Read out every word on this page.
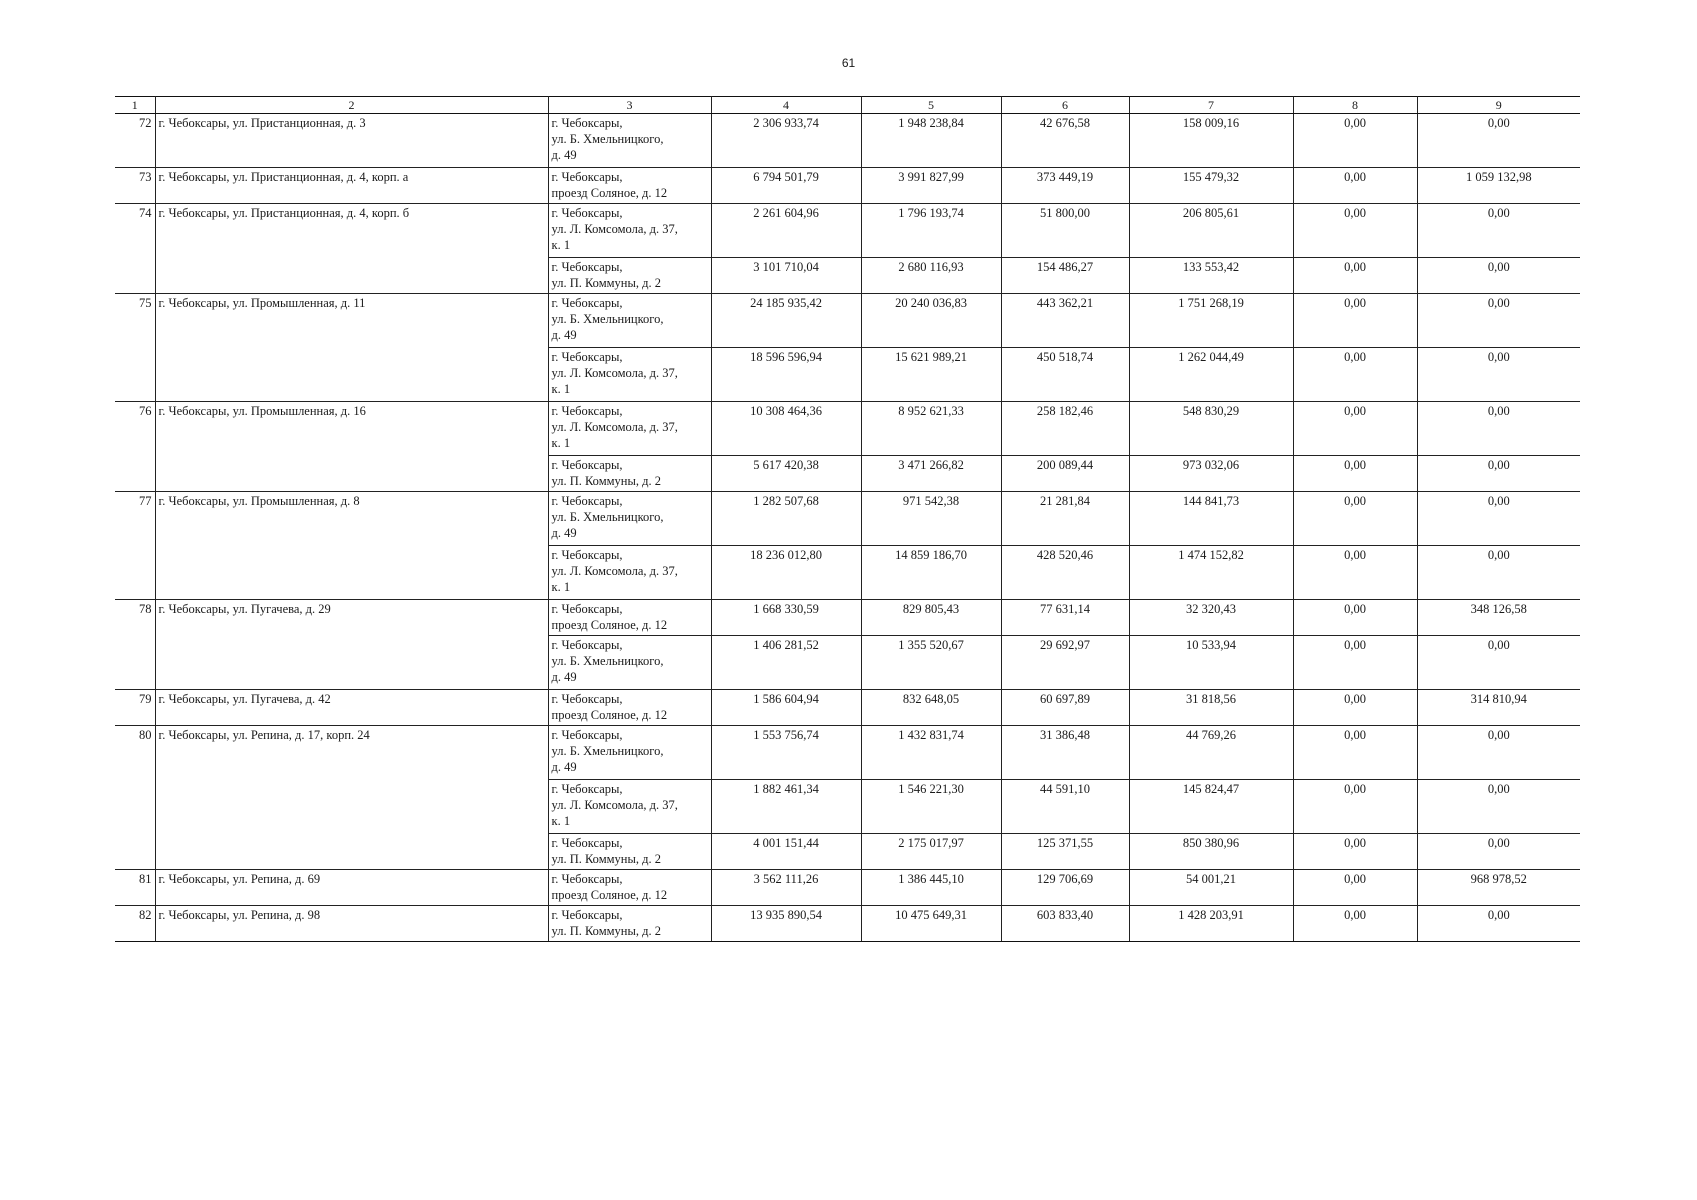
61
1	2	3	4	5	6	7	8	9
72	г. Чебоксары, ул. Пристанционная, д. 3	г. Чебоксары,
ул. Б. Хмельницкого,
д. 49	2 306 933,74	1 948 238,84	42 676,58	158 009,16	0,00	0,00
73	г. Чебоксары, ул. Пристанционная, д. 4, корп. а	г. Чебоксары,
проезд Соляное, д. 12	6 794 501,79	3 991 827,99	373 449,19	155 479,32	0,00	1 059 132,98
74	г. Чебоксары, ул. Пристанционная, д. 4, корп. б	г. Чебоксары,
ул. Л. Комсомола, д. 37,
к. 1	2 261 604,96	1 796 193,74	51 800,00	206 805,61	0,00	0,00

		г. Чебоксары,
ул. П. Коммуны, д. 2	3 101 710,04	2 680 116,93	154 486,27	133 553,42	0,00	0,00
75	г. Чебоксары, ул. Промышленная, д. 11	г. Чебоксары,
ул. Б. Хмельницкого,
д. 49	24 185 935,42	20 240 036,83	443 362,21	1 751 268,19	0,00	0,00

		г. Чебоксары,
ул. Л. Комсомола, д. 37,
к. 1	18 596 596,94	15 621 989,21	450 518,74	1 262 044,49	0,00	0,00
76	г. Чебоксары, ул. Промышленная, д. 16	г. Чебоксары,
ул. Л. Комсомола, д. 37,
к. 1	10 308 464,36	8 952 621,33	258 182,46	548 830,29	0,00	0,00

		г. Чебоксары,
ул. П. Коммуны, д. 2	5 617 420,38	3 471 266,82	200 089,44	973 032,06	0,00	0,00
77	г. Чебоксары, ул. Промышленная, д. 8	г. Чебоксары,
ул. Б. Хмельницкого,
д. 49	1 282 507,68	971 542,38	21 281,84	144 841,73	0,00	0,00

		г. Чебоксары,
ул. Л. Комсомола, д. 37,
к. 1	18 236 012,80	14 859 186,70	428 520,46	1 474 152,82	0,00	0,00
78	г. Чебоксары, ул. Пугачева, д. 29	г. Чебоксары,
проезд Соляное, д. 12	1 668 330,59	829 805,43	77 631,14	32 320,43	0,00	348 126,58

		г. Чебоксары,
ул. Б. Хмельницкого,
д. 49	1 406 281,52	1 355 520,67	29 692,97	10 533,94	0,00	0,00
79	г. Чебоксары, ул. Пугачева, д. 42	г. Чебоксары,
проезд Соляное, д. 12	1 586 604,94	832 648,05	60 697,89	31 818,56	0,00	314 810,94
80	г. Чебоксары, ул. Репина, д. 17, корп. 24	г. Чебоксары,
ул. Б. Хмельницкого,
д. 49	1 553 756,74	1 432 831,74	31 386,48	44 769,26	0,00	0,00

		г. Чебоксары,
ул. Л. Комсомола, д. 37,
к. 1	1 882 461,34	1 546 221,30	44 591,10	145 824,47	0,00	0,00

		г. Чебоксары,
ул. П. Коммуны, д. 2	4 001 151,44	2 175 017,97	125 371,55	850 380,96	0,00	0,00
81	г. Чебоксары, ул. Репина, д. 69	г. Чебоксары,
проезд Соляное, д. 12	3 562 111,26	1 386 445,10	129 706,69	54 001,21	0,00	968 978,52
82	г. Чебоксары, ул. Репина, д. 98	г. Чебоксары,
ул. П. Коммуны, д. 2	13 935 890,54	10 475 649,31	603 833,40	1 428 203,91	0,00	0,00
